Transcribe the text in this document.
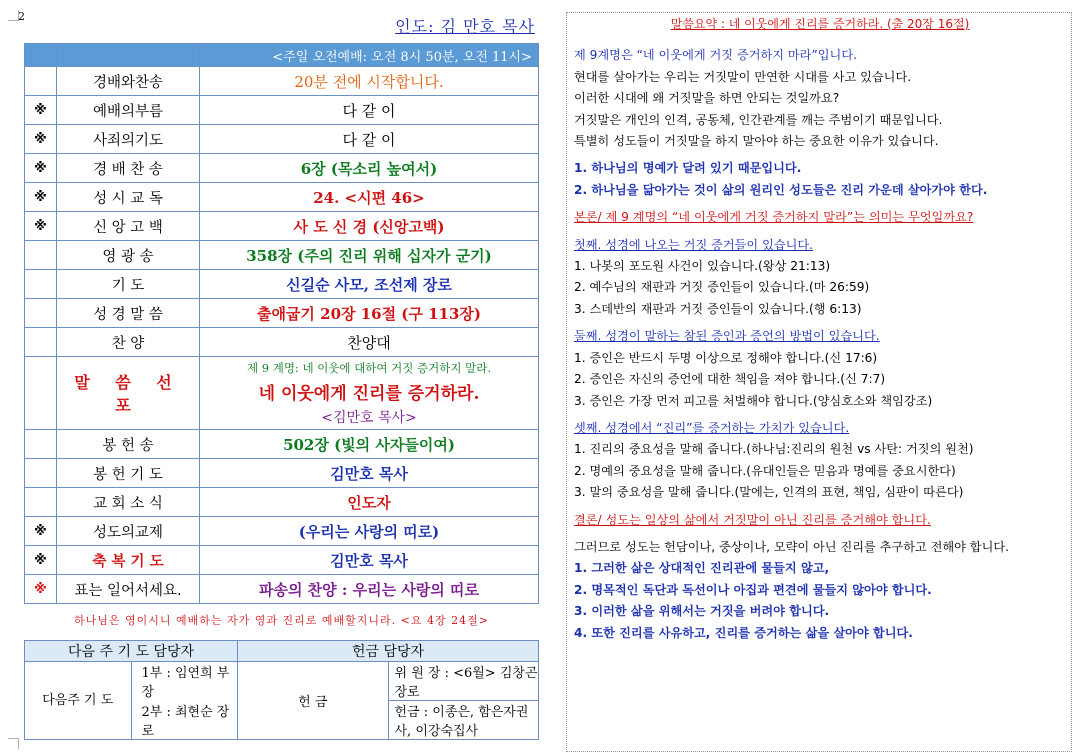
2
인도: 김 만호 목사
		<주일 오전예배: 오전 8시 50분, 오전 11시>
	경배와찬송	20분 전에 시작합니다.
※	예배의부름	다 같 이
※	사죄의기도	다 같 이
※	경 배 찬 송	6장 (목소리 높여서)
※	성 시 교 독	24. <시편 46>
※	신 앙 고 백	사 도 신 경 (신앙고백)
	영 광 송	358장 (주의 진리 위해 십자가 군기)
	기 도	신길순 사모, 조선제 장로
	성 경 말 씀	출애굽기 20장 16절 (구 113장)
	찬 양	찬양대
	말 씀 선 포	제 9 계명: 네 이웃에 대하여 거짓 증거하지 말라.
네 이웃에게 진리를 증거하라.
<김만호 목사>

	봉 헌 송	502장 (빛의 사자들이여)
	봉 헌 기 도	김만호 목사
	교 회 소 식	인도자
※	성도의교제	(우리는 사랑의 띠로)
※	축 복 기 도	김만호 목사
※	표는 일어서세요.	파송의 찬양 : 우리는 사랑의 띠로
하나님은 영이시니 예배하는 자가 영과 진리로 예배할지니라. <요 4장 24절>
다음 주 기 도 담당자		헌금 담당자	
다음주 기 도	1부 : 임연희 부장	헌 금	위 원 장 : <6월> 김창곤 장로
	2부 : 최현순 장로		헌금 : 이종은, 함은자권사, 이강숙집사
말씀요약 : 네 이웃에게 진리를 증거하라. (출 20장 16절)

제 9계명은 “네 이웃에게 거짓 증거하지 마라”입니다.

현대를 살아가는 우리는 거짓말이 만연한 시대를 사고 있습니다.

이러한 시대에 왜 거짓말을 하면 안되는 것일까요?

거짓말은 개인의 인격, 공동체, 인간관계를 깨는 주범이기 때문입니다.

특별히 성도들이 거짓말을 하지 말아야 하는 중요한 이유가 있습니다.

1. 하나님의 명예가 달려 있기 때문입니다.

2. 하나님을 닮아가는 것이 삶의 원리인 성도들은 진리 가운데 살아가야 한다.

본론/ 제 9 계명의 “네 이웃에게 거짓 증거하지 말라”는 의미는 무엇일까요?

첫째. 성경에 나오는 거짓 증거들이 있습니다.

1. 나봇의 포도원 사건이 있습니다.(왕상 21:13)

2. 예수님의 재판과 거짓 증인들이 있습니다.(마 26:59)

3. 스데반의 재판과 거짓 증인들이 있습니다.(행 6:13)

둘째. 성경이 말하는 참된 증인과 증언의 방법이 있습니다.

1. 증인은 반드시 두명 이상으로 정해야 합니다.(신 17:6)

2. 증인은 자신의 증언에 대한 책임을 져야 합니다.(신 7:7)

3. 증인은 가장 먼저 피고를 처벌해야 합니다.(양심호소와 책임강조)

셋째. 성경에서 “진리”를 증거하는 가치가 있습니다.

1. 진리의 중요성을 말해 줍니다.(하나님:진리의 원천 vs 사탄: 거짓의 원천)

2. 명예의 중요성을 말해 줍니다.(유대인들은 믿음과 명예를 중요시한다)

3. 말의 중요성을 말해 줍니다.(말에는, 인격의 표현, 책임, 심판이 따른다)

결론/ 성도는 일상의 삶에서 거짓말이 아닌 진리를 증거해야 합니다.

그러므로 성도는 헌담이나, 중상이나, 모략이 아닌 진리를 추구하고 전해야 합니다.

1. 그러한 삶은 상대적인 진리관에 물들지 않고,

2. 명목적인 독단과 독선이나 아집과 편견에 물들지 않아야 합니다.

3. 이러한 삶을 위해서는 거짓을 버려야 합니다.

4. 또한 진리를 사유하고, 진리를 증거하는 삶을 살아야 합니다.
